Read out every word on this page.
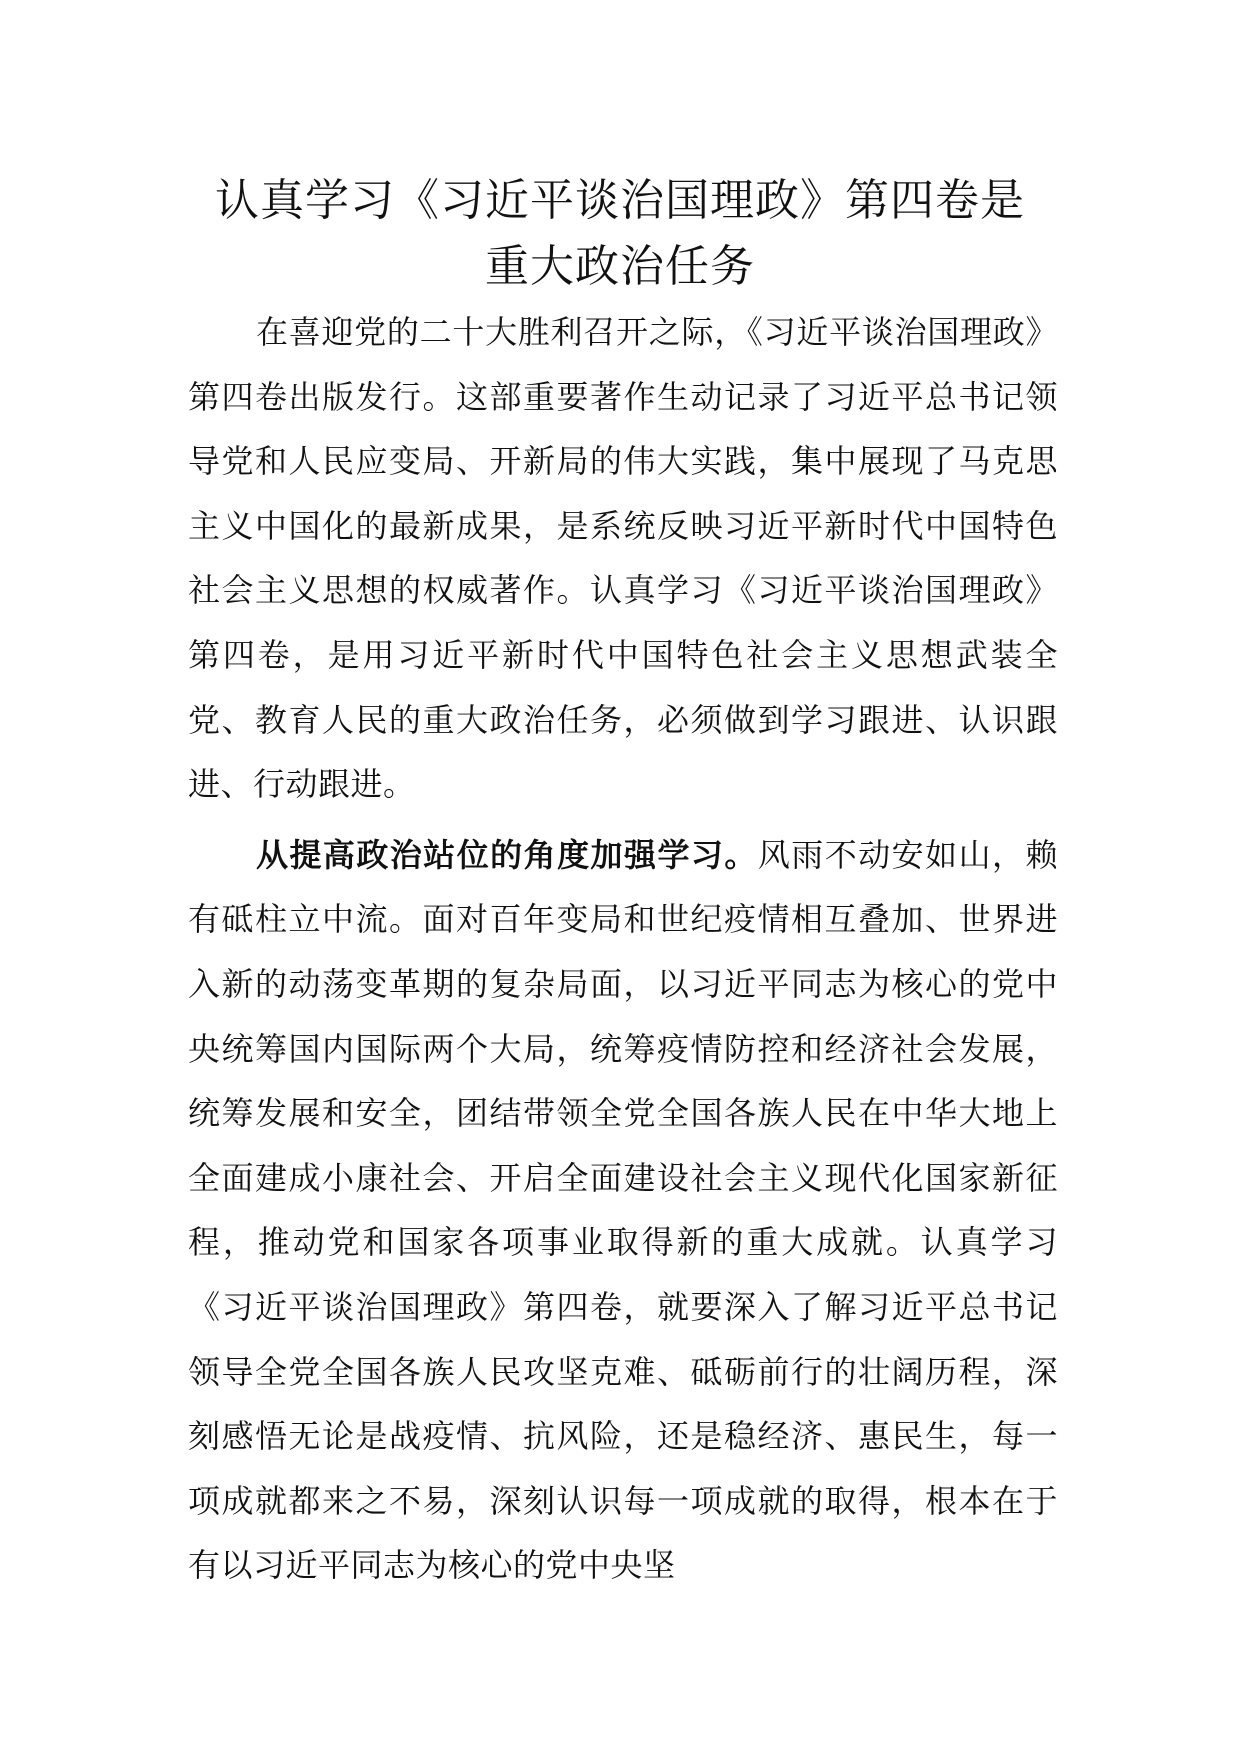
认真学习《习近平谈治国理政》第四卷是
重大政治任务

在喜迎党的二十大胜利召开之际，《习近平谈治国理政》第四卷出版发行。这部重要著作生动记录了习近平总书记领导党和人民应变局、开新局的伟大实践，集中展现了马克思主义中国化的最新成果，是系统反映习近平新时代中国特色社会主义思想的权威著作。认真学习《习近平谈治国理政》第四卷，是用习近平新时代中国特色社会主义思想武装全党、教育人民的重大政治任务，必须做到学习跟进、认识跟进、行动跟进。

从提高政治站位的角度加强学习。风雨不动安如山，赖有砥柱立中流。面对百年变局和世纪疫情相互叠加、世界进入新的动荡变革期的复杂局面，以习近平同志为核心的党中央统筹国内国际两个大局，统筹疫情防控和经济社会发展，统筹发展和安全，团结带领全党全国各族人民在中华大地上全面建成小康社会、开启全面建设社会主义现代化国家新征程，推动党和国家各项事业取得新的重大成就。认真学习《习近平谈治国理政》第四卷，就要深入了解习近平总书记领导全党全国各族人民攻坚克难、砥砺前行的壮阔历程，深刻感悟无论是战疫情、抗风险，还是稳经济、惠民生，每一项成就都来之不易，深刻认识每一项成就的取得，根本在于有以习近平同志为核心的党中央坚
